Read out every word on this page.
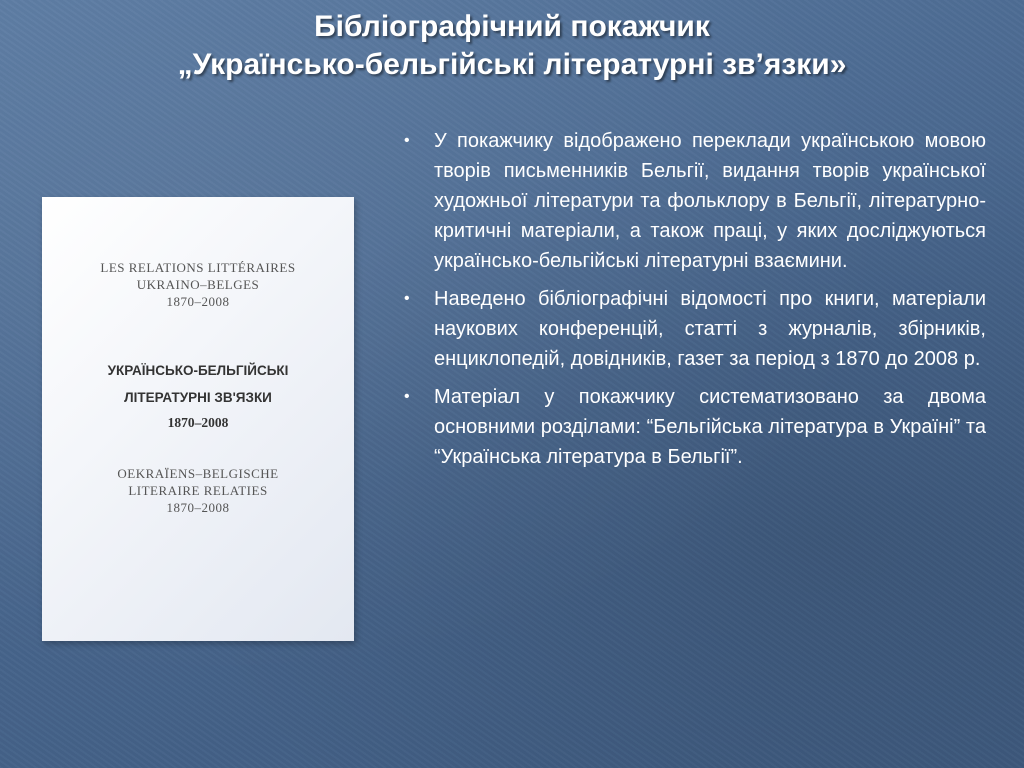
Бібліографічний покажчик
„Українсько-бельгійські літературні зв’язки»
LES RELATIONS LITTÉRAIRES
UKRAINO–BELGES
1870–2008
УКРАЇНСЬКО-БЕЛЬГІЙСЬКІ
ЛІТЕРАТУРНІ ЗВ'ЯЗКИ
1870–2008
OEKRAÏENS–BELGISCHE
LITERAIRE RELATIES
1870–2008
•	У покажчику відображено переклади українською мовою творів письменників Бельгії, видання творів української художньої літератури та фольклору в Бельгії, літературно-критичні матеріали, а також праці, у яких досліджуються українсько-бельгійські літературні взаємини.
•	Наведено бібліографічні відомості про книги, матеріали наукових конференцій, статті з журналів, збірників, енциклопедій, довідників, газет за період з 1870 до 2008 р.
•	Матеріал у покажчику систематизовано за двома основними розділами: “Бельгійська література в Україні” та “Українська література в Бельгії”.
